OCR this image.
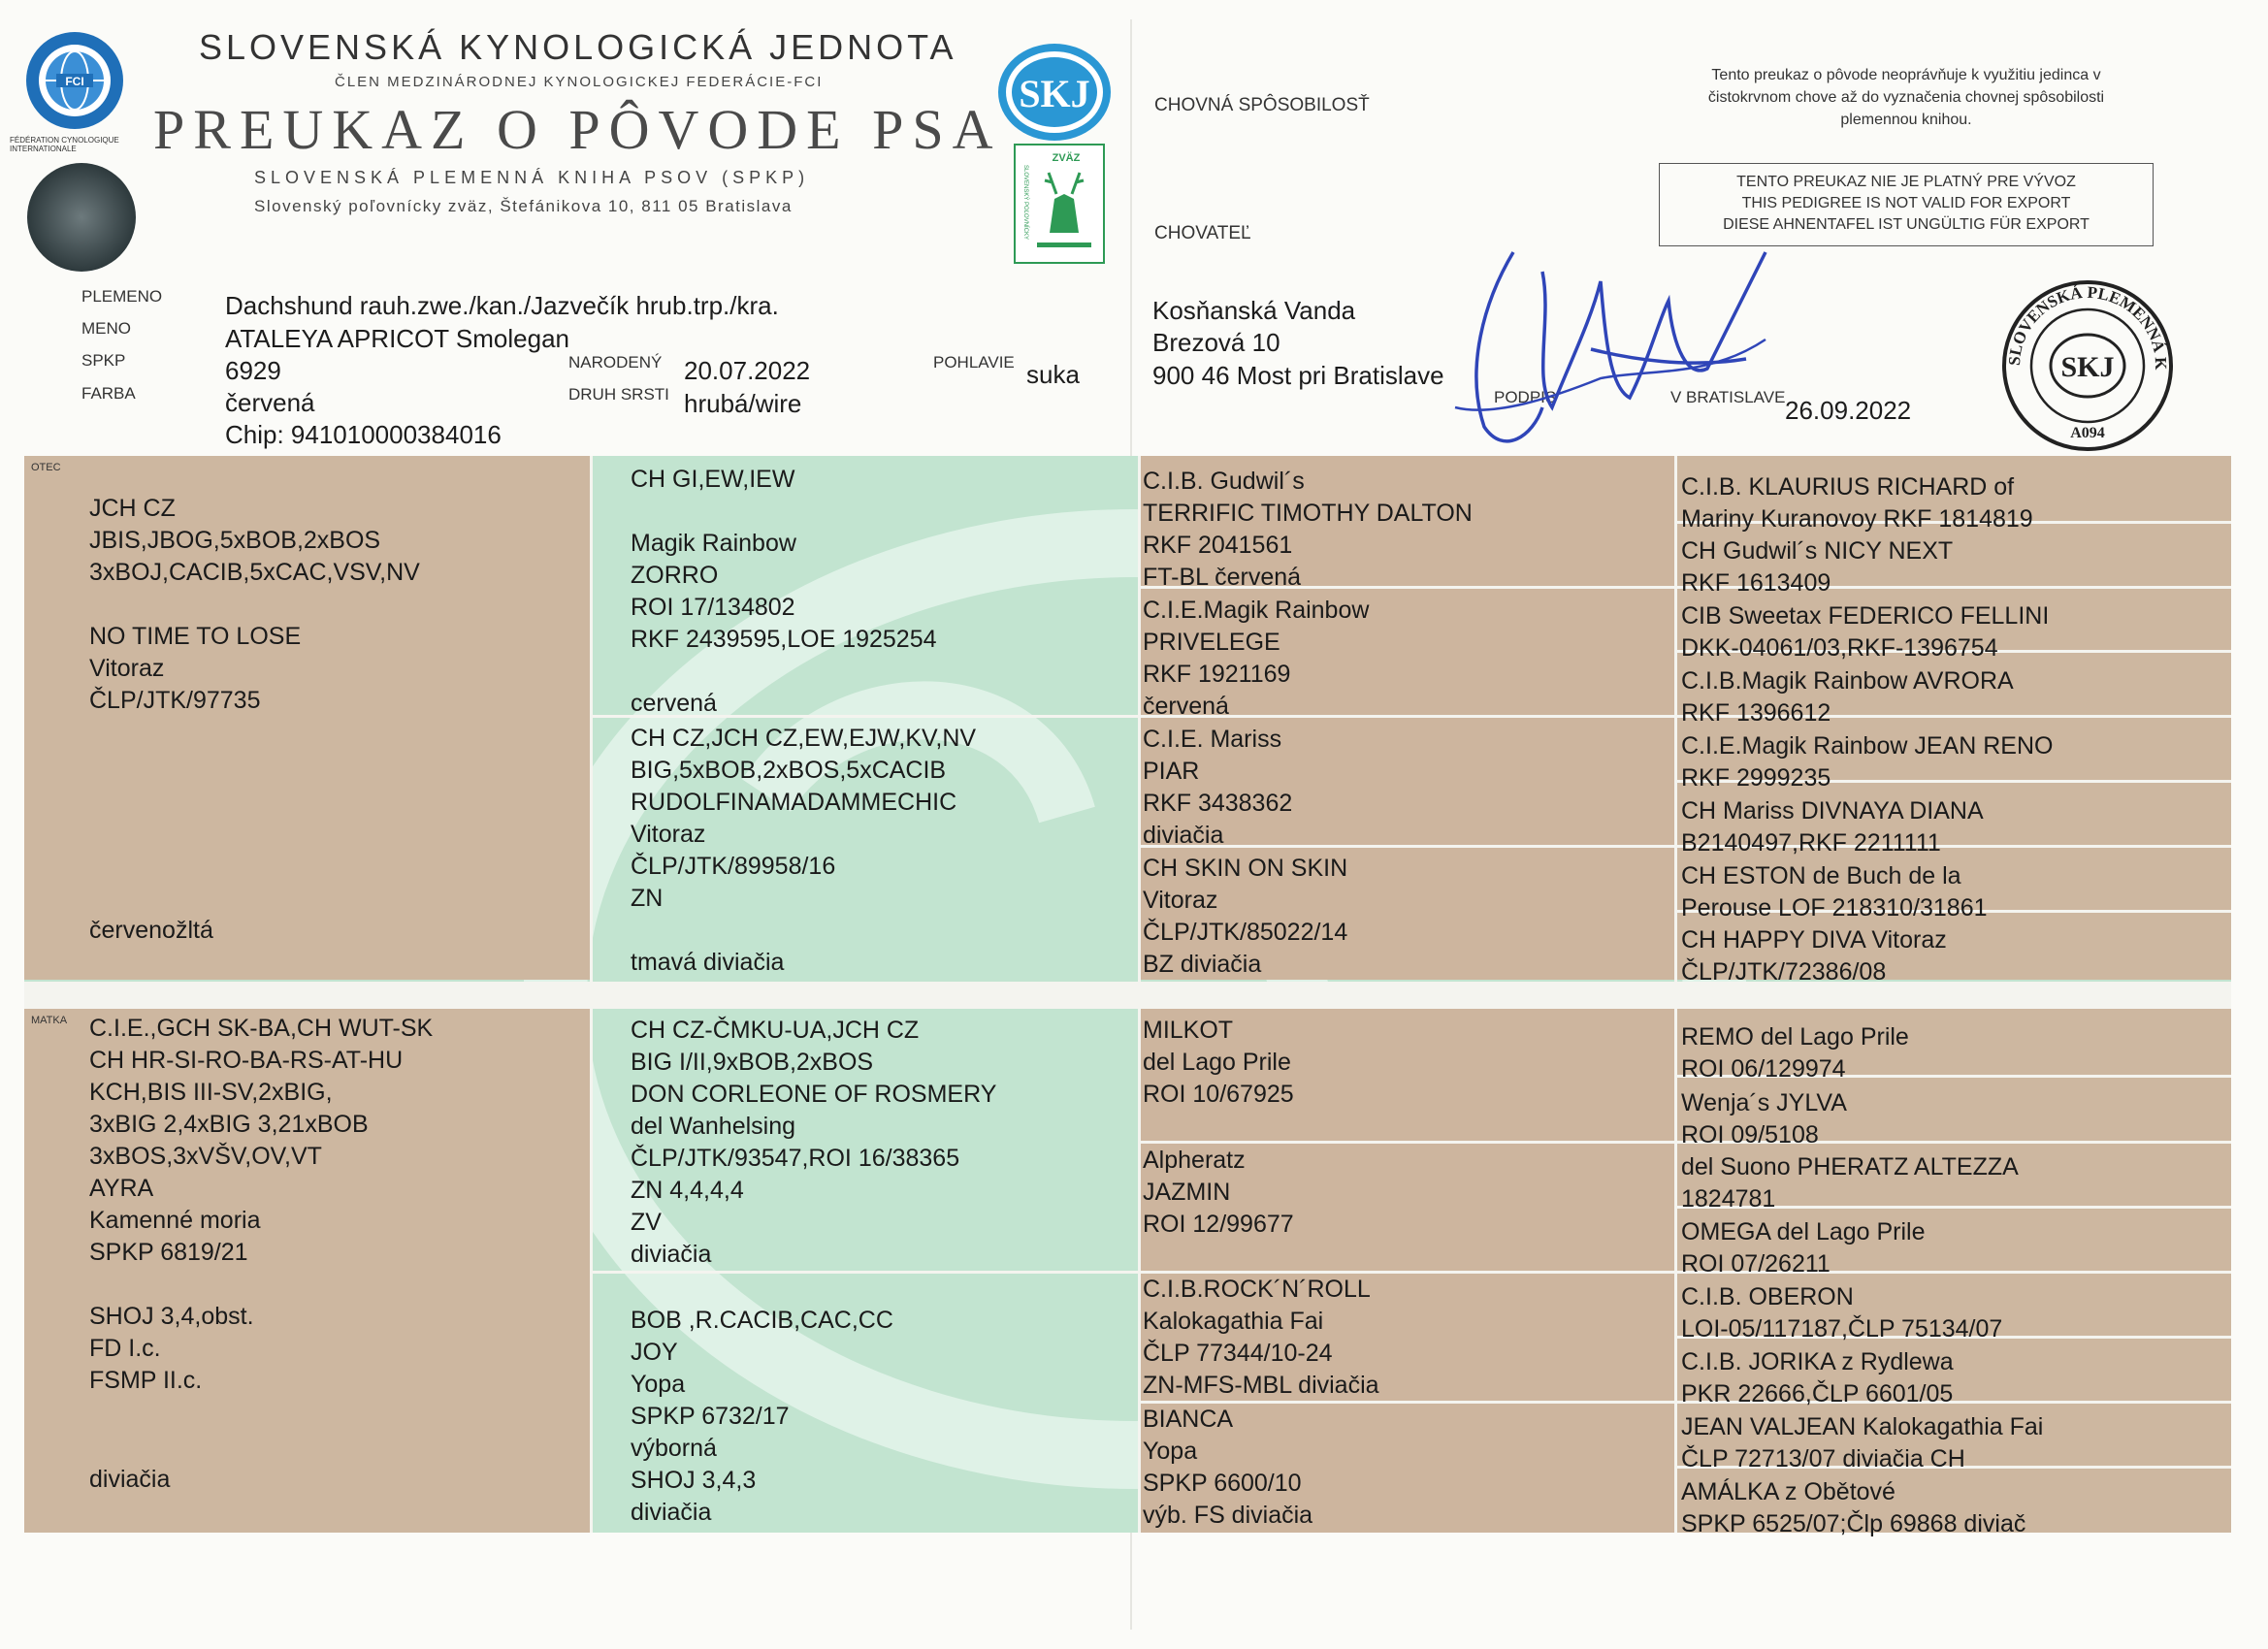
FCI
FÉDÉRATION CYNOLOGIQUE INTERNATIONALE
SLOVENSKÁ KYNOLOGICKÁ JEDNOTA
ČLEN MEDZINÁRODNEJ KYNOLOGICKEJ FEDERÁCIE-FCI
PREUKAZ O PÔVODE PSA
SLOVENSKÁ PLEMENNÁ KNIHA PSOV (SPKP)
Slovenský poľovnícky zväz, Štefánikova 10, 811 05 Bratislava
SKJ
ZVÄZ
SLOVENSKÝ POĽOVNÍCKY
CHOVNÁ SPÔSOBILOSŤ
CHOVATEĽ
Tento preukaz o pôvode neoprávňuje k využitiu jedinca v čistokrvnom chove až do vyznačenia chovnej spôsobilosti plemennou knihou.
TENTO PREUKAZ NIE JE PLATNÝ PRE VÝVOZ
THIS PEDIGREE IS NOT VALID FOR EXPORT
DIESE AHNENTAFEL IST UNGÜLTIG FÜR EXPORT
PLEMENO
MENO
SPKP
FARBA
Dachshund rauh.zwe./kan./Jazvečík hrub.trp./kra.
ATALEYA APRICOT Smolegan
6929
červená
Chip: 941010000384016
NARODENÝ
DRUH SRSTI
20.07.2022
hrubá/wire
POHLAVIE suka
Kosňanská Vanda
Brezová 10
900 46 Most pri Bratislave
PODPIS	V BRATISLAVE 26.09.2022
SLOVENSKÁ PLEMENNÁ K
SKJ
A094
OTEC
MATKA
JCH CZ
JBIS,JBOG,5xBOB,2xBOS
3xBOJ,CACIB,5xCAC,VSV,NV

NO TIME TO LOSE
Vitoraz
ČLP/JTK/97735
červenožltá
C.I.E.,GCH SK-BA,CH WUT-SK
CH HR-SI-RO-BA-RS-AT-HU
KCH,BIS III-SV,2xBIG,
3xBIG 2,4xBIG 3,21xBOB
3xBOS,3xVŠV,OV,VT
AYRA
Kamenné moria
SPKP 6819/21

SHOJ 3,4,obst.
FD I.c.
FSMP II.c.
diviačia
CH GI,EW,IEW

Magik Rainbow
ZORRO
ROI 17/134802
RKF 2439595,LOE 1925254

cervená
CH CZ,JCH CZ,EW,EJW,KV,NV
BIG,5xBOB,2xBOS,5xCACIB
RUDOLFINAMADAMMECHIC
Vitoraz
ČLP/JTK/89958/16
ZN

tmavá diviačia
CH CZ-ČMKU-UA,JCH CZ
BIG I/II,9xBOB,2xBOS
DON CORLEONE OF ROSMERY
del Wanhelsing
ČLP/JTK/93547,ROI 16/38365
ZN 4,4,4,4
ZV
diviačia
BOB ,R.CACIB,CAC,CC
JOY
Yopa
SPKP 6732/17
výborná
SHOJ 3,4,3
diviačia
C.I.B. Gudwil´s
TERRIFIC TIMOTHY DALTON
RKF 2041561
FT-BL červená
C.I.E.Magik Rainbow
PRIVELEGE
RKF 1921169
červená
C.I.E. Mariss
PIAR
RKF 3438362
diviačia
CH SKIN ON SKIN
Vitoraz
ČLP/JTK/85022/14
BZ diviačia
MILKOT
del Lago Prile
ROI 10/67925
Alpheratz
JAZMIN
ROI 12/99677
C.I.B.ROCK´N´ROLL
Kalokagathia Fai
ČLP 77344/10-24
ZN-MFS-MBL diviačia
BIANCA
Yopa
SPKP 6600/10
výb. FS diviačia
C.I.B. KLAURIUS RICHARD of
Mariny Kuranovoy RKF 1814819
CH Gudwil´s NICY NEXT
RKF 1613409
CIB Sweetax FEDERICO FELLINI
DKK-04061/03,RKF-1396754
C.I.B.Magik Rainbow AVRORA
RKF 1396612
C.I.E.Magik Rainbow JEAN RENO
RKF 2999235
CH Mariss DIVNAYA DIANA
B2140497,RKF 2211111
CH ESTON de Buch de la
Perouse LOF 218310/31861
CH HAPPY DIVA Vitoraz
ČLP/JTK/72386/08
REMO del Lago Prile
ROI 06/129974
Wenja´s JYLVA
ROI 09/5108
del Suono PHERATZ ALTEZZA
1824781
OMEGA del Lago Prile
ROI 07/26211
C.I.B. OBERON
LOI-05/117187,ČLP 75134/07
C.I.B. JORIKA z Rydlewa
PKR 22666,ČLP 6601/05
JEAN VALJEAN Kalokagathia Fai
ČLP 72713/07 diviačia CH
AMÁLKA z Obětové
SPKP 6525/07;Člp 69868 diviač
